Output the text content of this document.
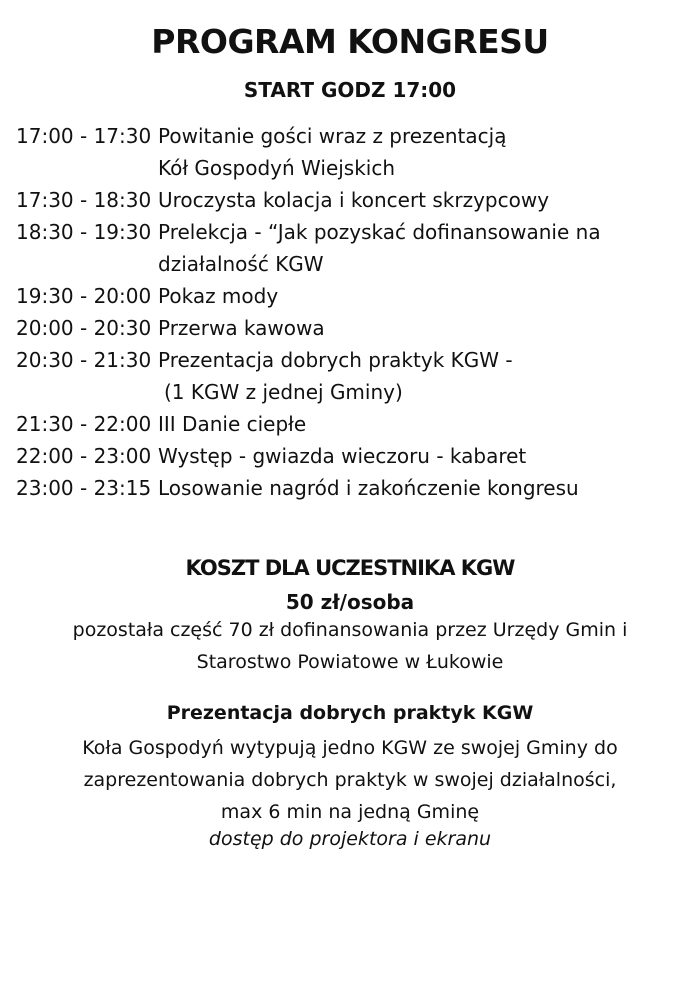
PROGRAM KONGRESU
START GODZ 17:00
17:00 - 17:30 Powitanie gości wraz z prezentacją
Kół Gospodyń Wiejskich
17:30 - 18:30 Uroczysta kolacja i koncert skrzypcowy
18:30 - 19:30 Prelekcja - “Jak pozyskać dofinansowanie na
działalność KGW
19:30 - 20:00 Pokaz mody
20:00 - 20:30 Przerwa kawowa
20:30 - 21:30 Prezentacja dobrych praktyk KGW -
(1 KGW z jednej Gminy)
21:30 - 22:00 III Danie ciepłe
22:00 - 23:00 Występ - gwiazda wieczoru - kabaret
23:00 - 23:15 Losowanie nagród i zakończenie kongresu
KOSZT DLA UCZESTNIKA KGW
50 zł/osoba
pozostała część 70 zł dofinansowania przez Urzędy Gmin i
Starostwo Powiatowe w Łukowie
Prezentacja dobrych praktyk KGW
Koła Gospodyń wytypują jedno KGW ze swojej Gminy do
zaprezentowania dobrych praktyk w swojej działalności,
max 6 min na jedną Gminę
dostęp do projektora i ekranu
